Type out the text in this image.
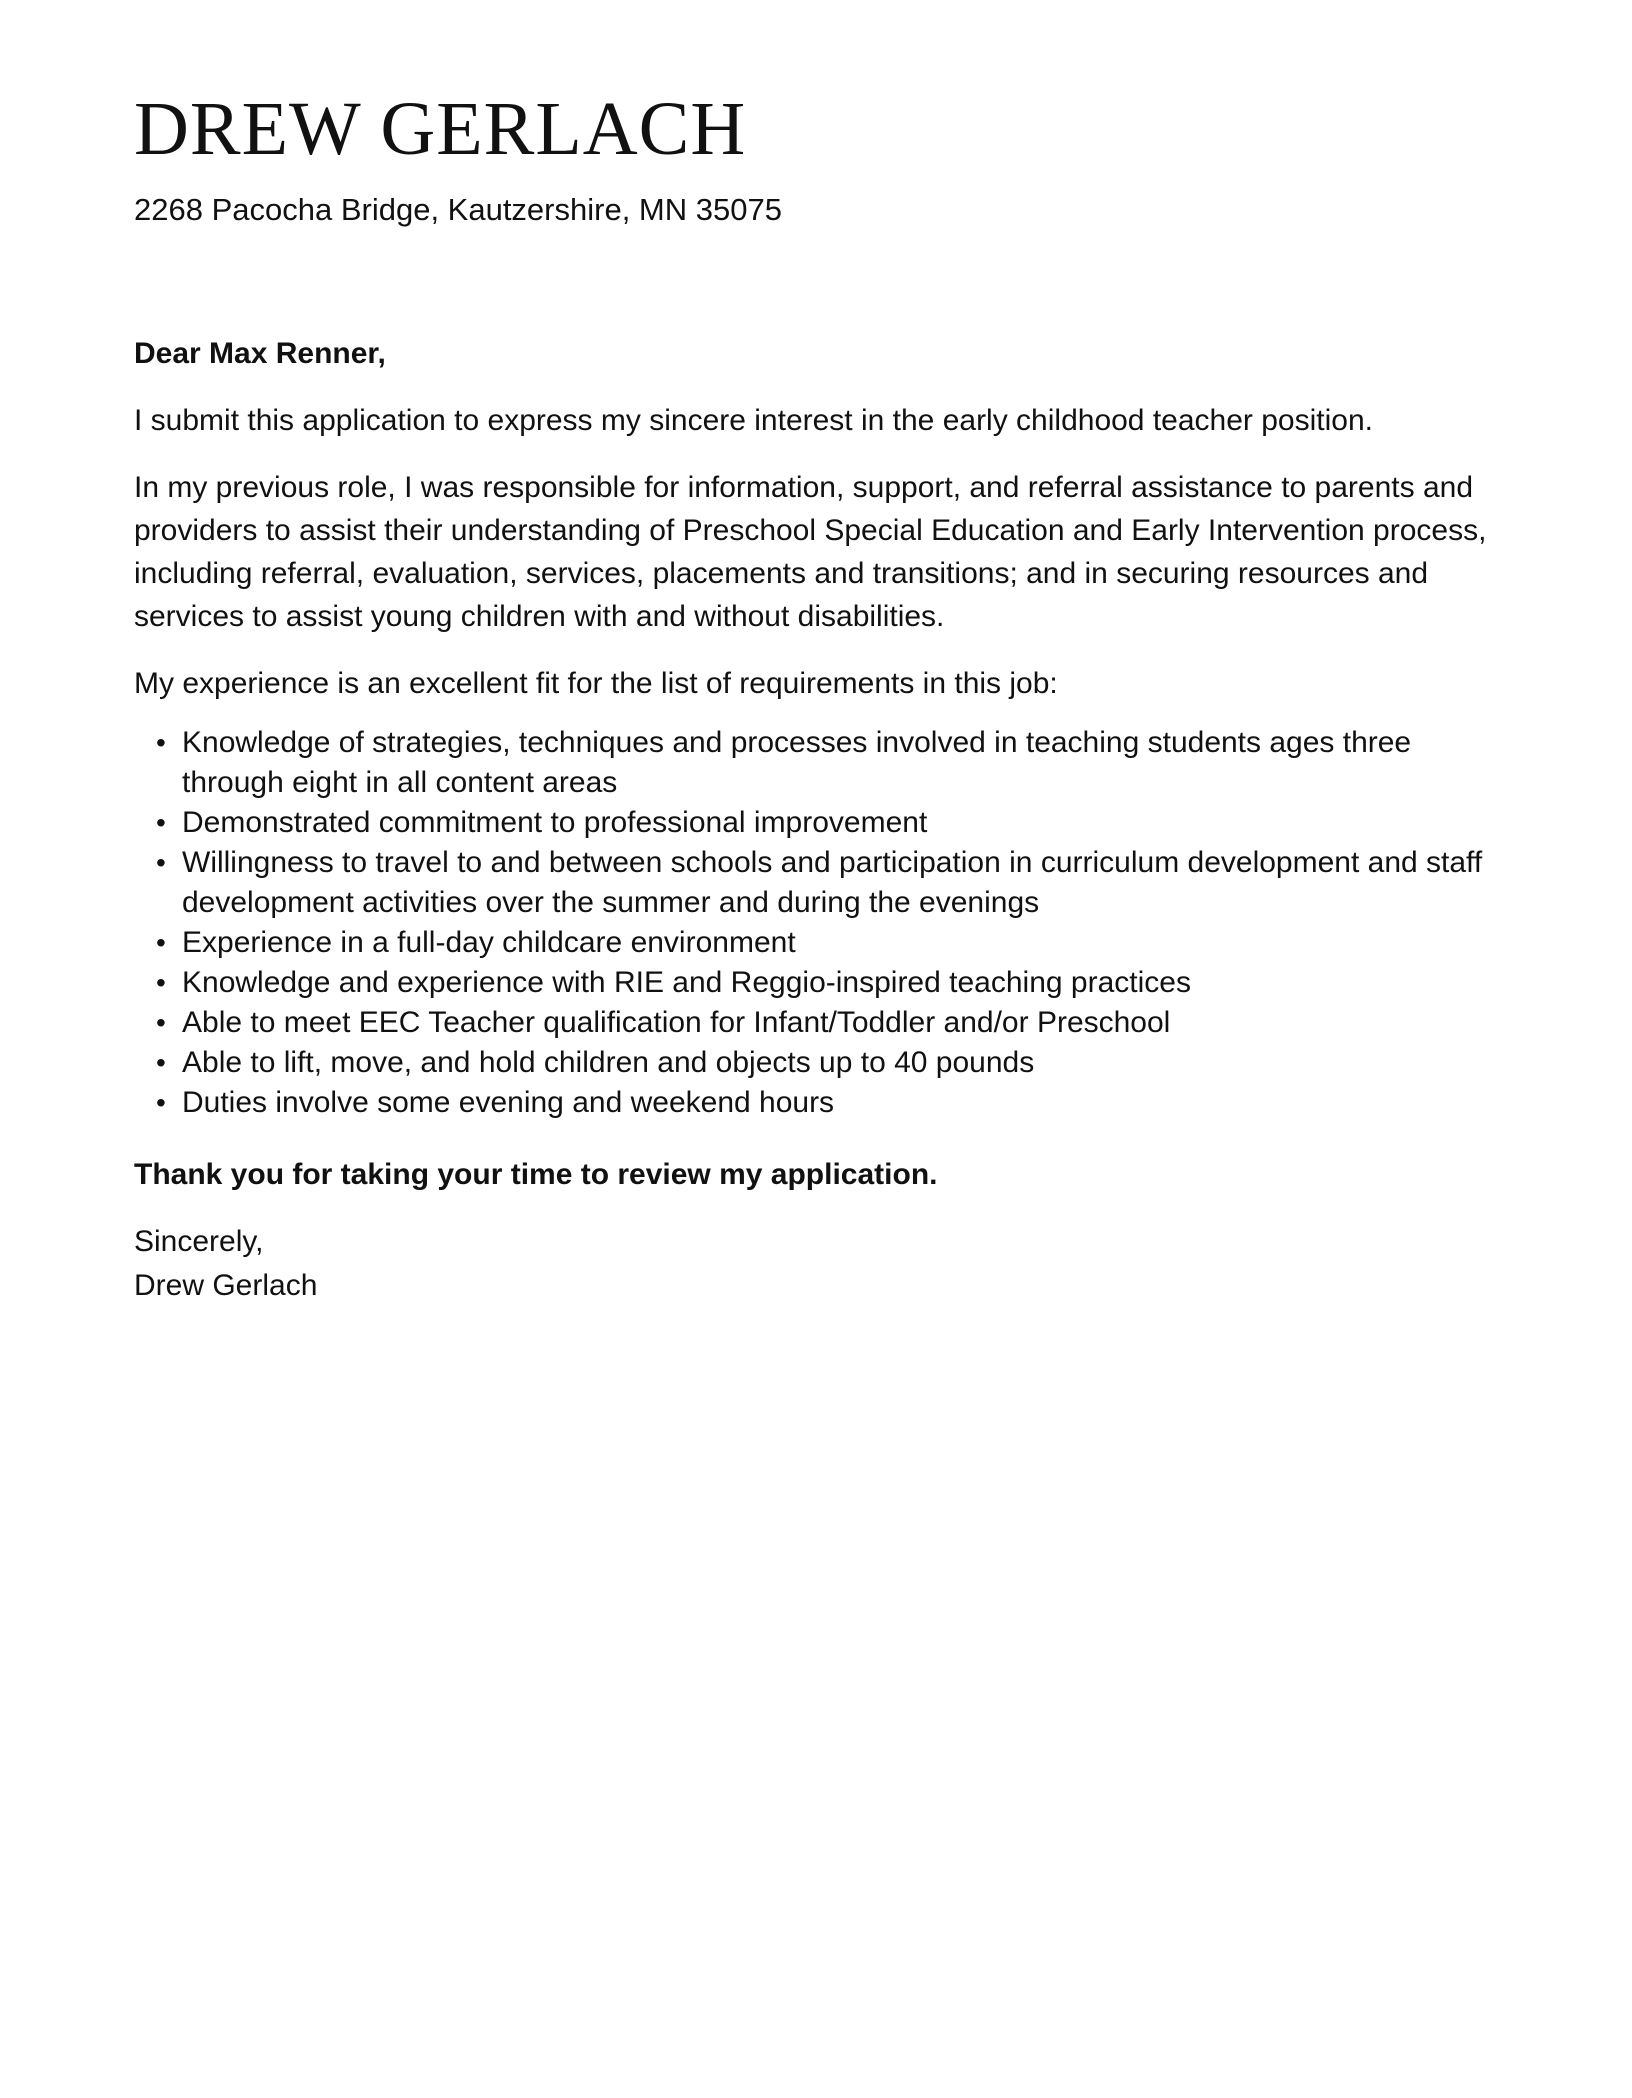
DREW GERLACH

2268 Pacocha Bridge, Kautzershire, MN 35075

Dear Max Renner,

I submit this application to express my sincere interest in the early childhood teacher position.

In my previous role, I was responsible for information, support, and referral assistance to parents and providers to assist their understanding of Preschool Special Education and Early Intervention process, including referral, evaluation, services, placements and transitions; and in securing resources and services to assist young children with and without disabilities.

My experience is an excellent fit for the list of requirements in this job:

• Knowledge of strategies, techniques and processes involved in teaching students ages three through eight in all content areas
• Demonstrated commitment to professional improvement
• Willingness to travel to and between schools and participation in curriculum development and staff development activities over the summer and during the evenings
• Experience in a full-day childcare environment
• Knowledge and experience with RIE and Reggio-inspired teaching practices
• Able to meet EEC Teacher qualification for Infant/Toddler and/or Preschool
• Able to lift, move, and hold children and objects up to 40 pounds
• Duties involve some evening and weekend hours

Thank you for taking your time to review my application.

Sincerely,

Drew Gerlach
